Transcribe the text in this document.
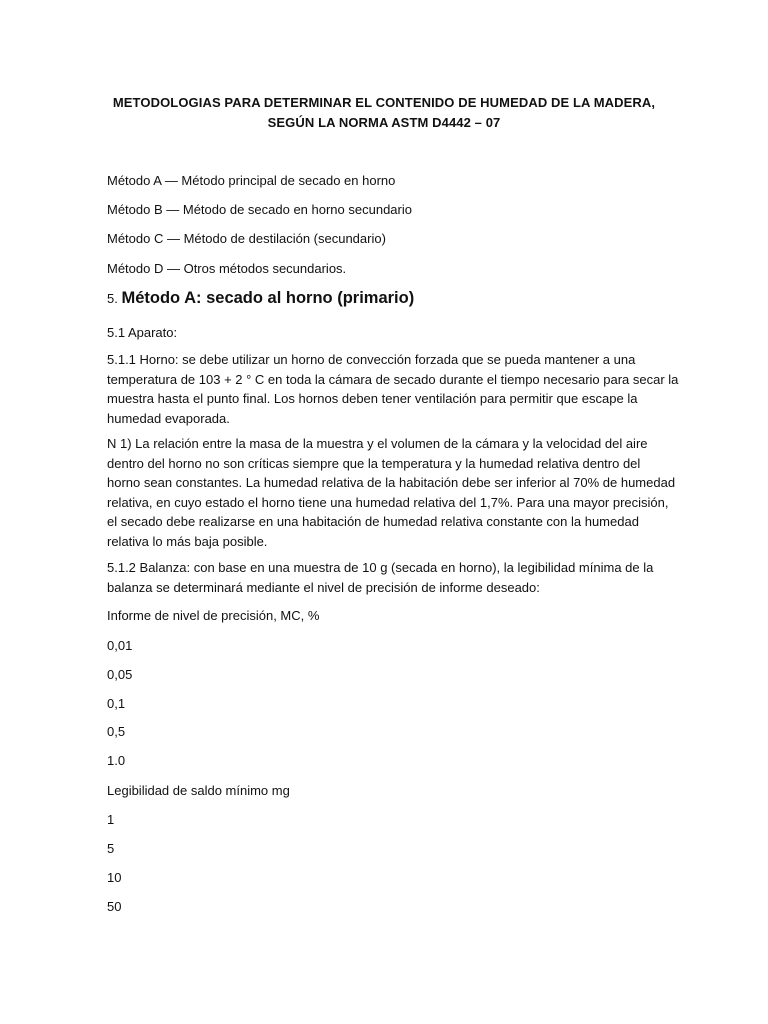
METODOLOGIAS PARA DETERMINAR EL CONTENIDO DE HUMEDAD DE LA MADERA,
SEGÚN LA NORMA ASTM D4442 – 07
Método A — Método principal de secado en horno
Método B — Método de secado en horno secundario
Método C — Método de destilación (secundario)
Método D — Otros métodos secundarios.
5. Método A: secado al horno (primario)
5.1 Aparato:
5.1.1 Horno: se debe utilizar un horno de convección forzada que se pueda mantener a una
temperatura de 103 + 2 ° C en toda la cámara de secado durante el tiempo necesario para secar la
muestra hasta el punto final. Los hornos deben tener ventilación para permitir que escape la
humedad evaporada.
N 1) La relación entre la masa de la muestra y el volumen de la cámara y la velocidad del aire
dentro del horno no son críticas siempre que la temperatura y la humedad relativa dentro del
horno sean constantes. La humedad relativa de la habitación debe ser inferior al 70% de humedad
relativa, en cuyo estado el horno tiene una humedad relativa del 1,7%. Para una mayor precisión,
el secado debe realizarse en una habitación de humedad relativa constante con la humedad
relativa lo más baja posible.
5.1.2 Balanza: con base en una muestra de 10 g (secada en horno), la legibilidad mínima de la
balanza se determinará mediante el nivel de precisión de informe deseado:
Informe de nivel de precisión, MC, %
0,01
0,05
0,1
0,5
1.0
Legibilidad de saldo mínimo mg
1
5
10
50
